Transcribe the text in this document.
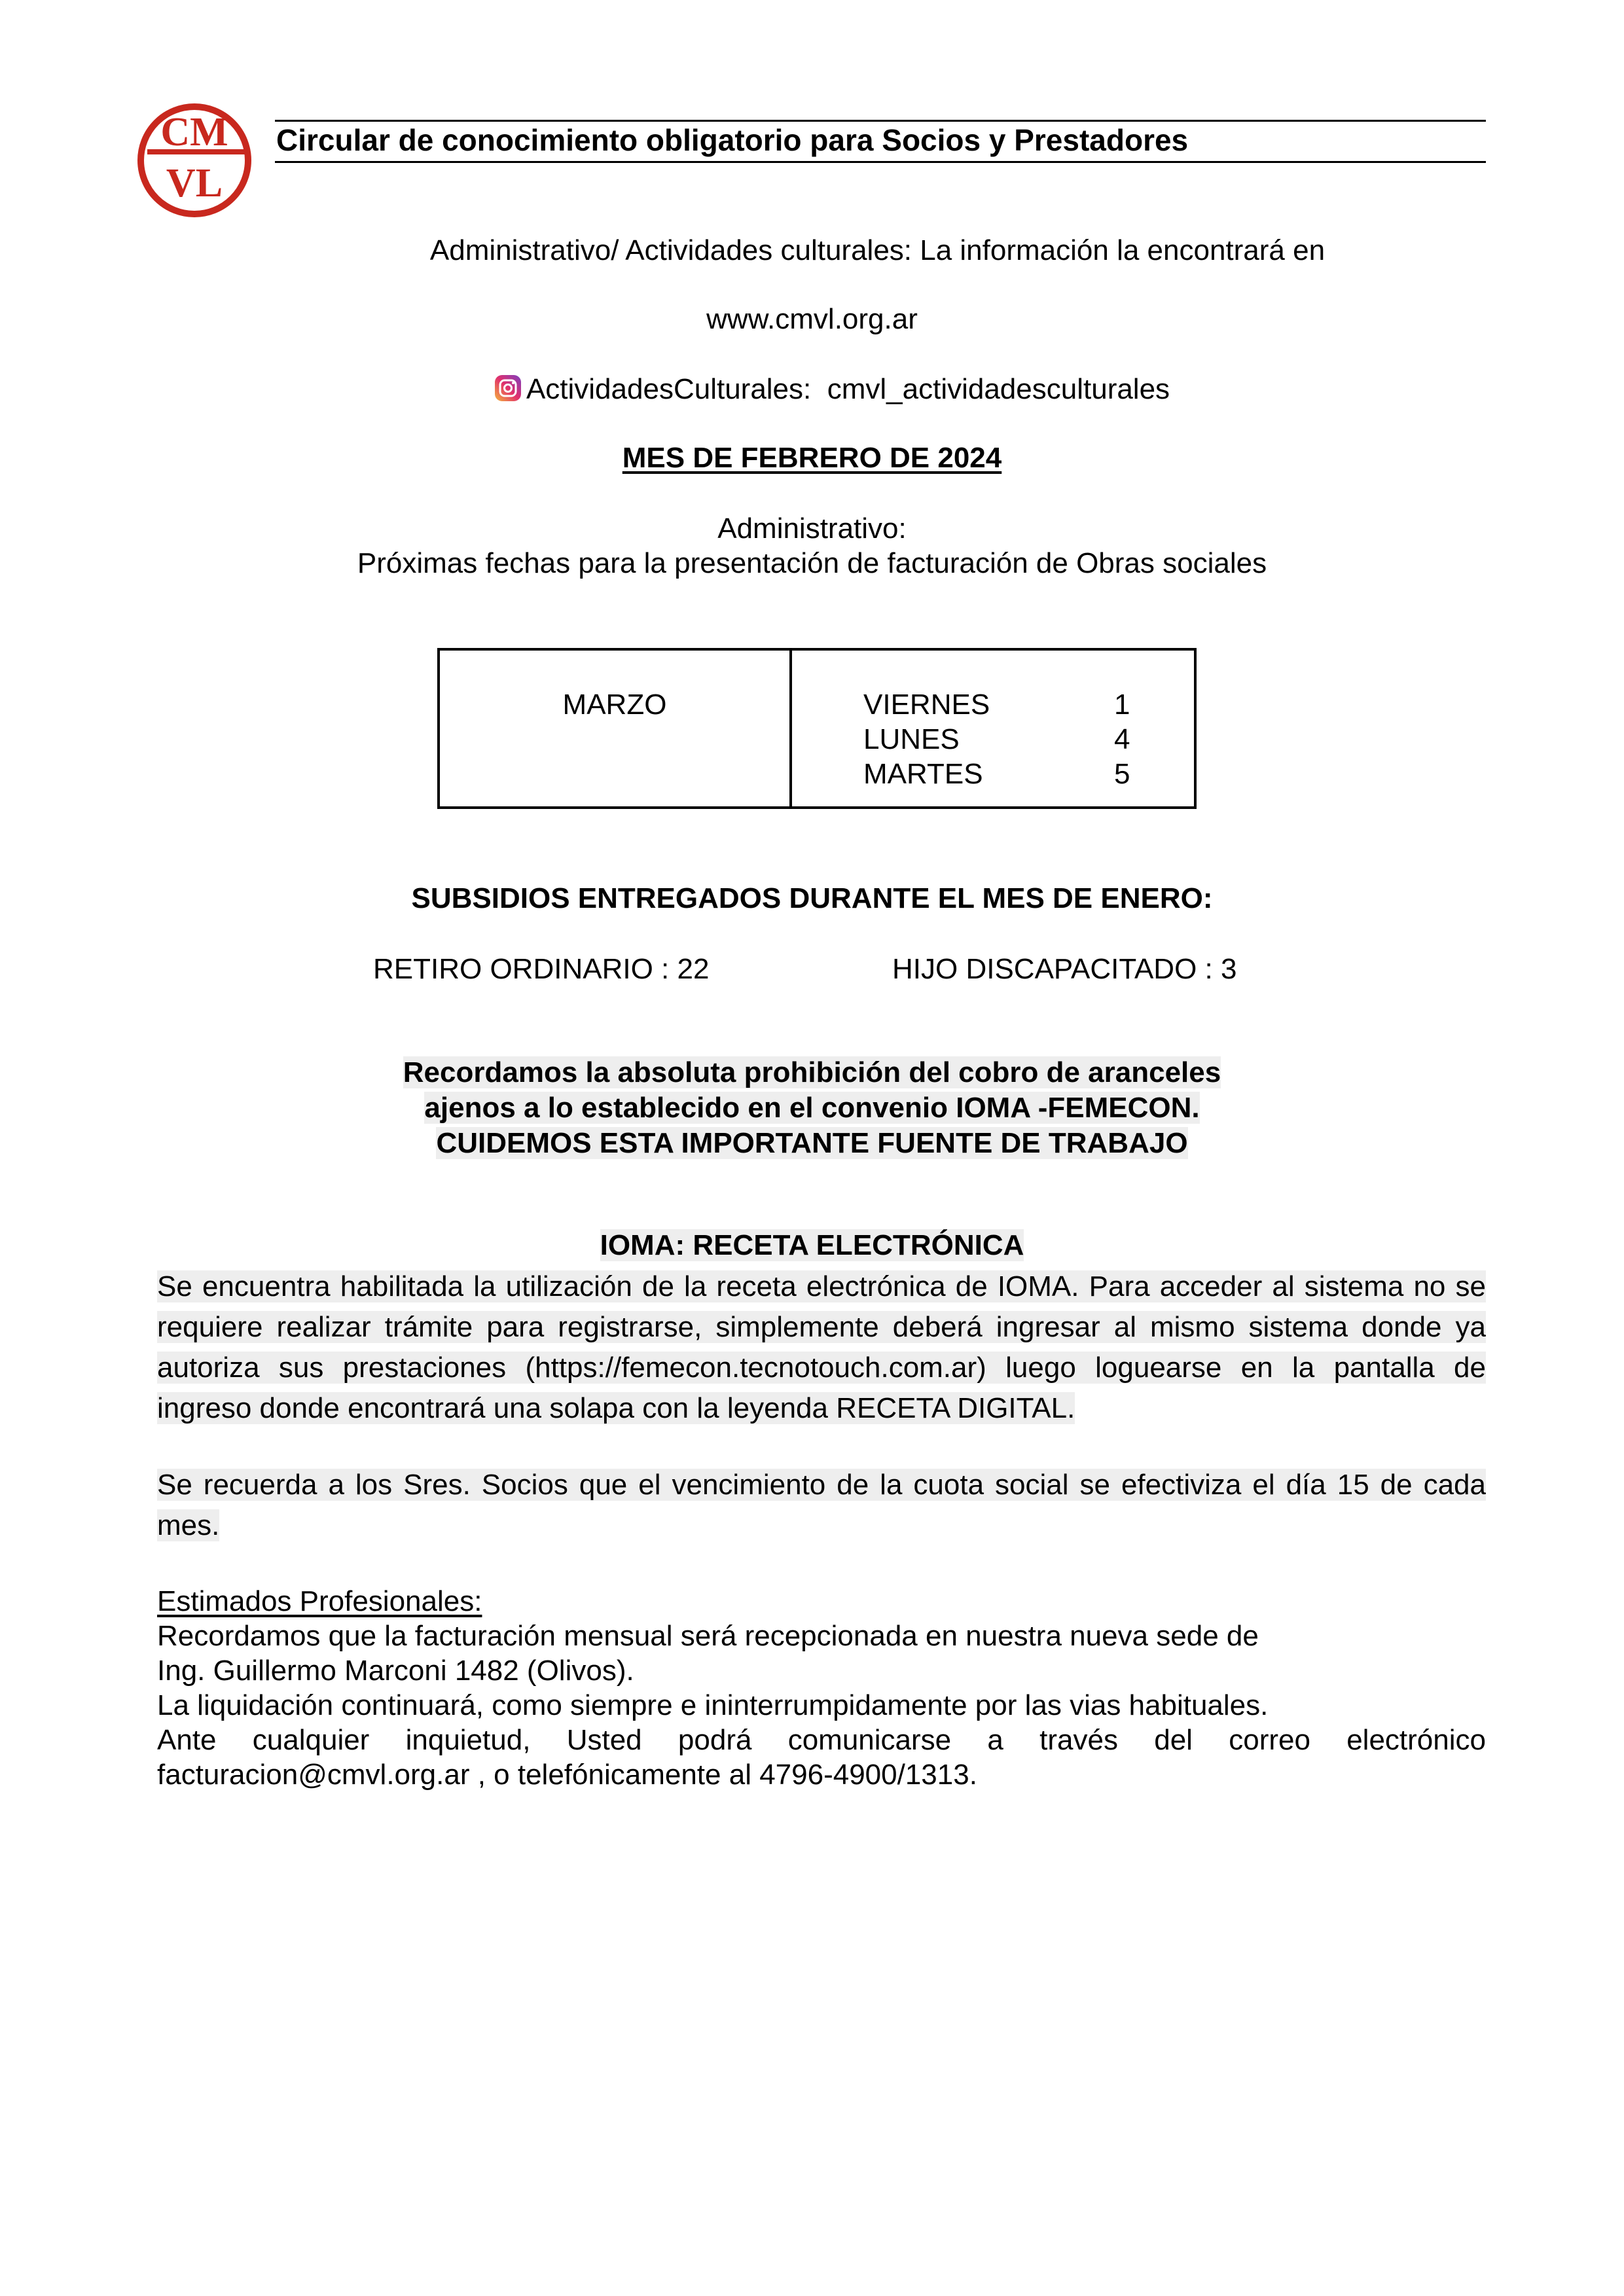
CM
VL
Circular de conocimiento obligatorio para Socios y Prestadores
Administrativo/ Actividades culturales: La información la encontrará en
www.cmvl.org.ar
ActividadesCulturales: cmvl_actividadesculturales
MES DE FEBRERO DE 2024
Administrativo:
Próximas fechas para la presentación de facturación de Obras sociales
MARZO	VIERNES	1
LUNES	4
MARTES	5
SUBSIDIOS ENTREGADOS DURANTE EL MES DE ENERO:
RETIRO ORDINARIO : 22	HIJO DISCAPACITADO : 3
Recordamos la absoluta prohibición del cobro de aranceles
ajenos a lo establecido en el convenio IOMA -FEMECON.
CUIDEMOS ESTA IMPORTANTE FUENTE DE TRABAJO
IOMA: RECETA ELECTRÓNICA
Se encuentra habilitada la utilización de la receta electrónica de IOMA. Para acceder al sistema no se requiere realizar trámite para registrarse, simplemente deberá ingresar al mismo sistema donde ya autoriza sus prestaciones (https://femecon.tecnotouch.com.ar) luego loguearse en la pantalla de ingreso donde encontrará una solapa con la leyenda RECETA DIGITAL.
Se recuerda a los Sres. Socios que el vencimiento de la cuota social se efectiviza el día 15 de cada mes.
Estimados Profesionales:
Recordamos que la facturación mensual será recepcionada en nuestra nueva sede de
Ing. Guillermo Marconi 1482 (Olivos).
La liquidación continuará, como siempre e ininterrumpidamente por las vias habituales.
Ante cualquier inquietud, Usted podrá comunicarse a través del correo electrónico facturacion@cmvl.org.ar , o telefónicamente al 4796-4900/1313.
